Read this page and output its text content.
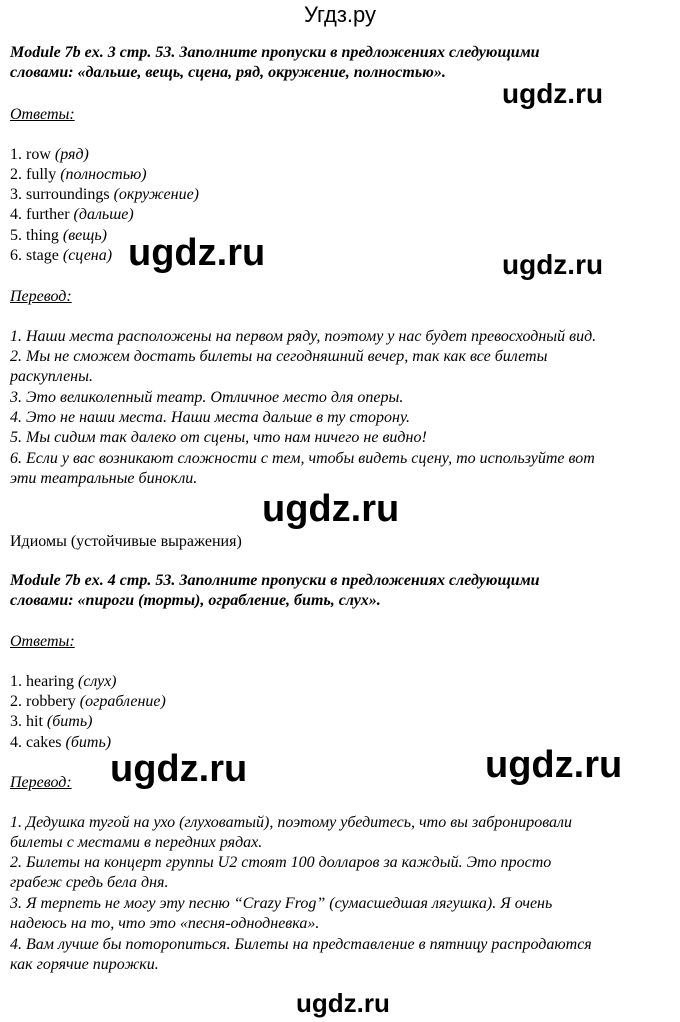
Угдз.ру
Module 7b ex. 3 стр. 53. Заполните пропуски в предложениях следующими
словами: «дальше, вещь, сцена, ряд, окружение, полностью».
ugdz.ru
Ответы:
1. row (ряд)
2. fully (полностью)
3. surroundings (окружение)
4. further (дальше)
5. thing (вещь)
6. stage (сцена) ugdz.ru	ugdz.ru
Перевод:
1. Наши места расположены на первом ряду, поэтому у нас будет превосходный вид.
2. Мы не сможем достать билеты на сегодняшний вечер, так как все билеты
раскуплены.
3. Это великолепный театр. Отличное место для оперы.
4. Это не наши места. Наши места дальше в ту сторону.
5. Мы сидим так далеко от сцены, что нам ничего не видно!
6. Если у вас возникают сложности с тем, чтобы видеть сцену, то используйте вот
эти театральные бинокли.
ugdz.ru
Идиомы (устойчивые выражения)
Module 7b ex. 4 стр. 53. Заполните пропуски в предложениях следующими
словами: «пироги (торты), ограбление, бить, слух».
Ответы:
1. hearing (слух)
2. robbery (ограбление)
3. hit (бить)
4. cakes (бить)
Перевод: ugdz.ru	ugdz.ru
1. Дедушка тугой на ухо (глуховатый), поэтому убедитесь, что вы забронировали
билеты с местами в передних рядах.
2. Билеты на концерт группы U2 стоят 100 долларов за каждый. Это просто
грабеж средь бела дня.
3. Я терпеть не могу эту песню “Crazy Frog” (сумасшедшая лягушка). Я очень
надеюсь на то, что это «песня-однодневка».
4. Вам лучше бы поторопиться. Билеты на представление в пятницу распродаются
как горячие пирожки.
ugdz.ru
